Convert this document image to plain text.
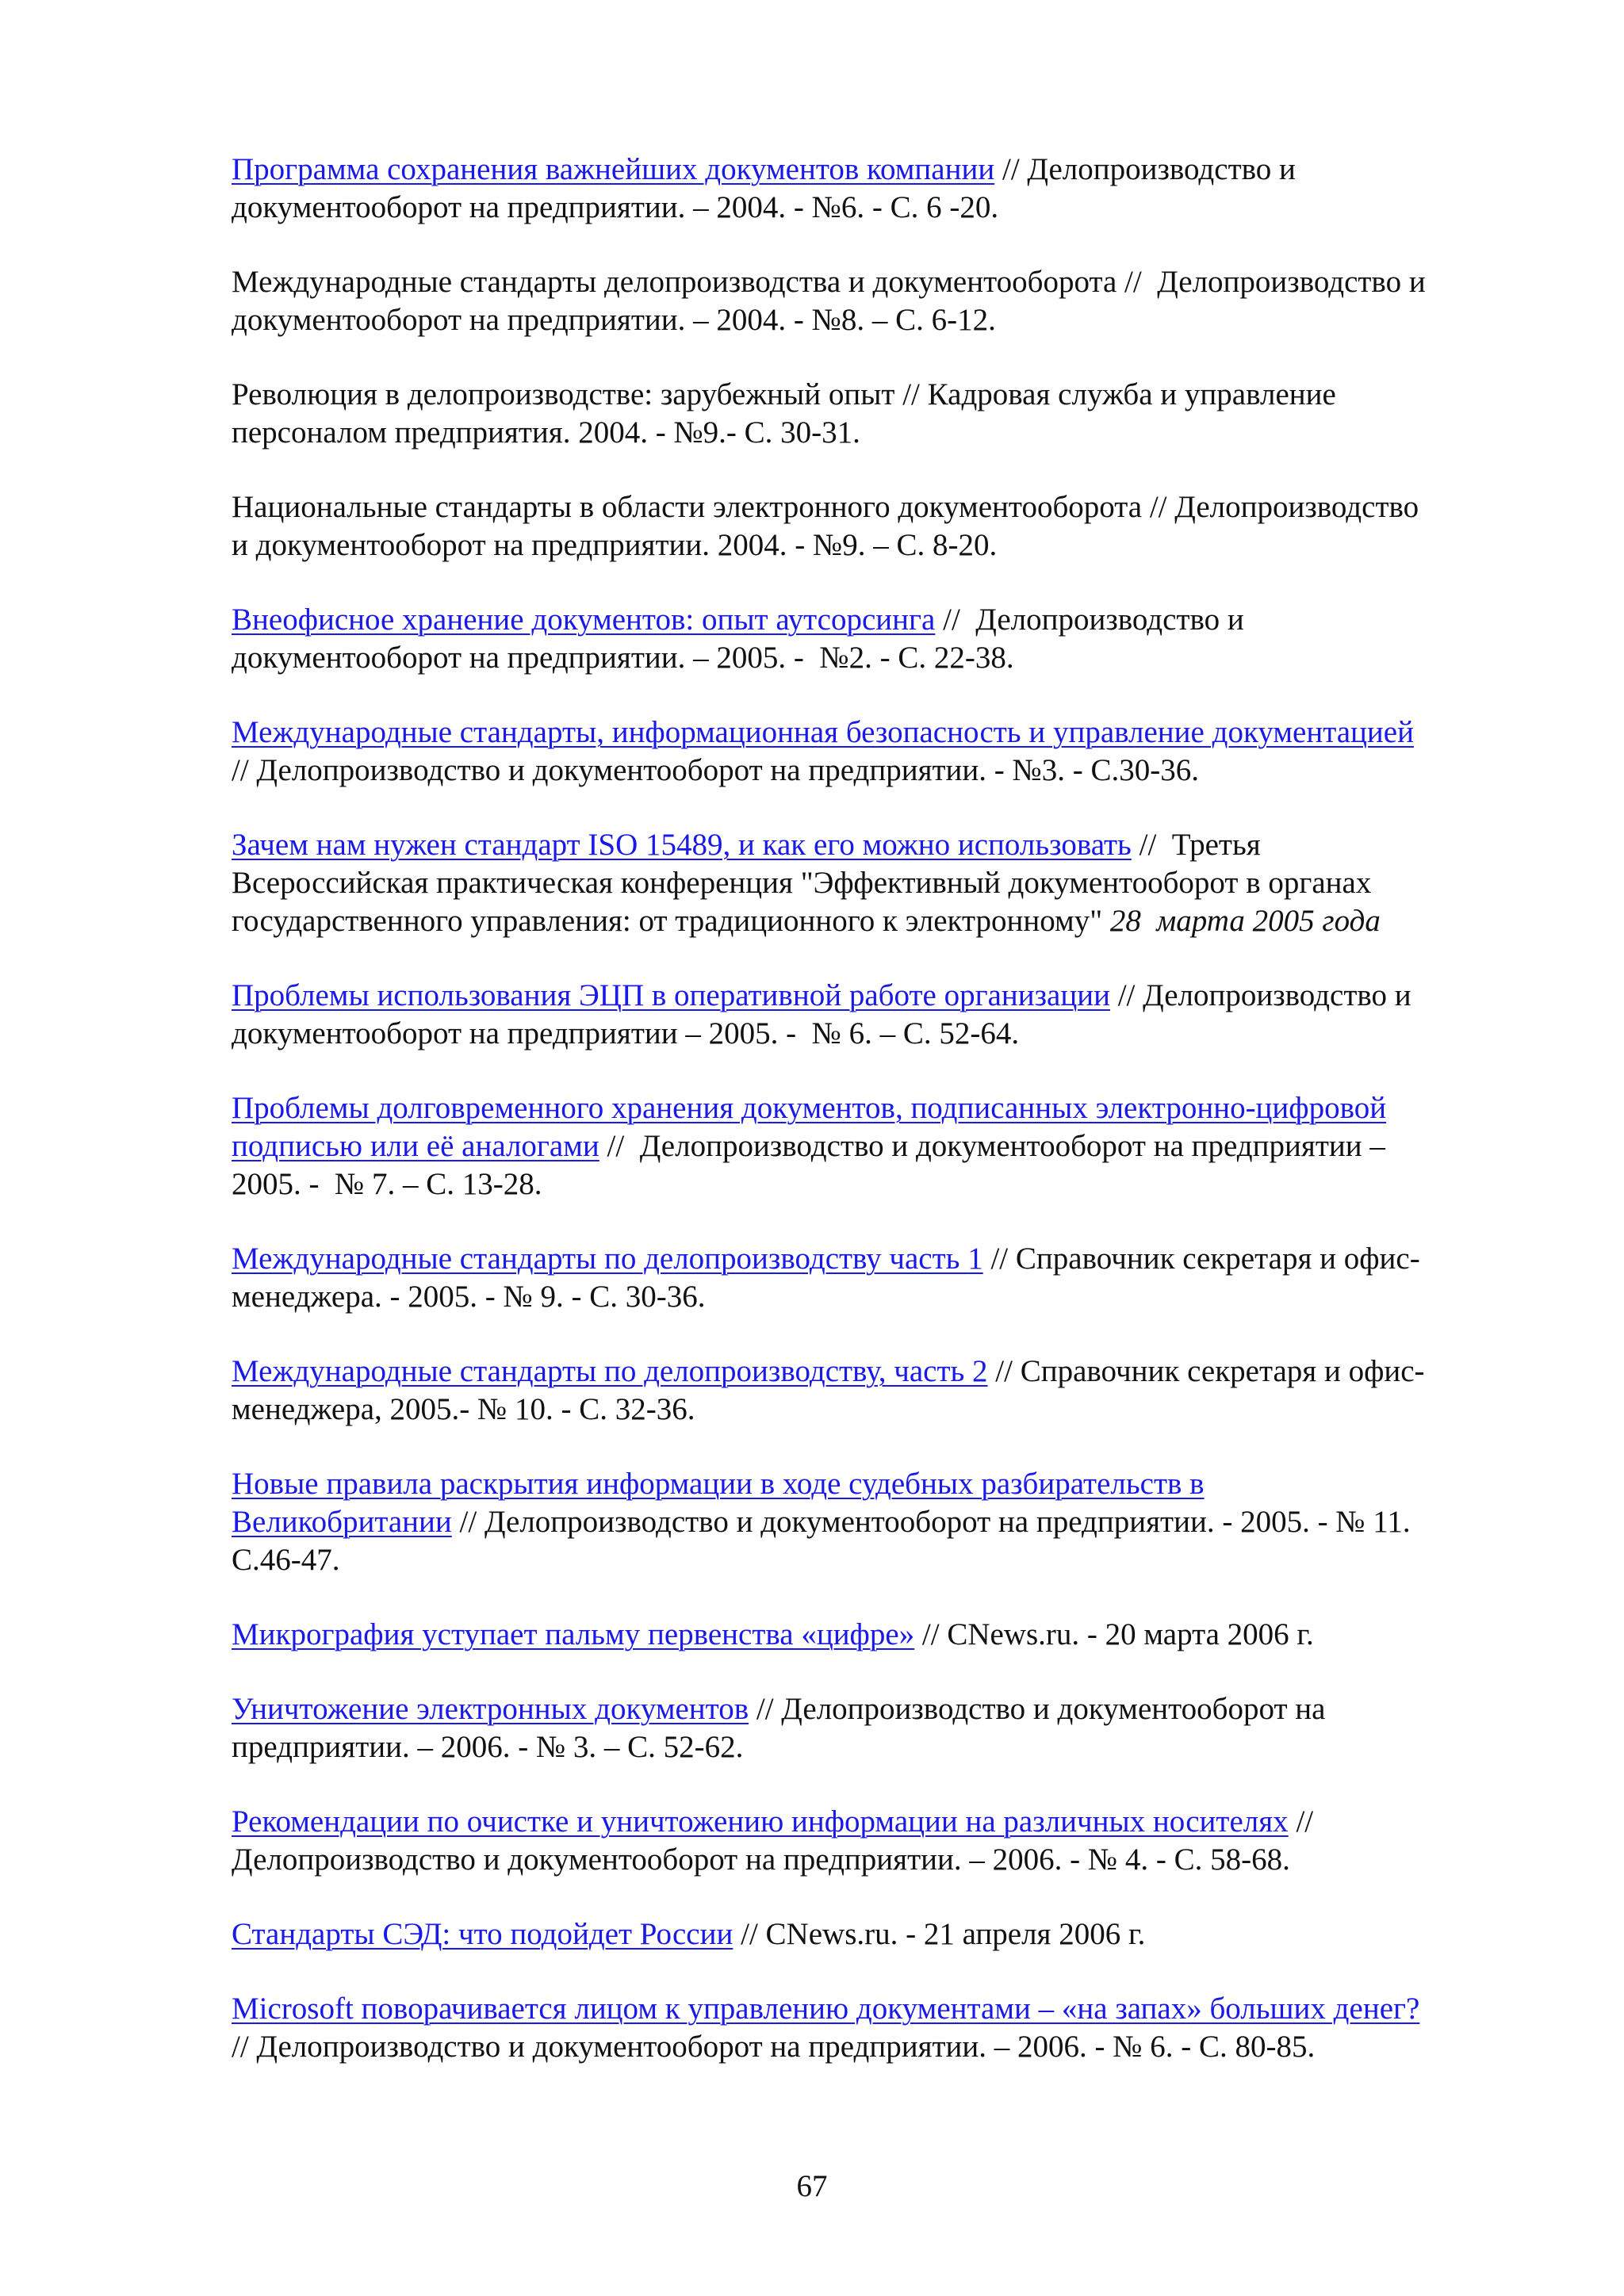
Программа сохранения важнейших документов компании // Делопроизводство и
документооборот на предприятии. – 2004. - №6. - С. 6 -20.
Международные стандарты делопроизводства и документооборота //  Делопроизводство и
документооборот на предприятии. – 2004. - №8. – С. 6-12.
Революция в делопроизводстве: зарубежный опыт // Кадровая служба и управление
персоналом предприятия. 2004. - №9.- С. 30-31.
Национальные стандарты в области электронного документооборота // Делопроизводство
и документооборот на предприятии. 2004. - №9. – С. 8-20.
Внеофисное хранение документов: опыт аутсорсинга //  Делопроизводство и
документооборот на предприятии. – 2005. -  №2. - С. 22-38.
Международные стандарты, информационная безопасность и управление документацией
// Делопроизводство и документооборот на предприятии. - №3. - С.30-36.
Зачем нам нужен стандарт ISO 15489, и как его можно использовать //  Третья
Всероссийская практическая конференция "Эффективный документооборот в органах
государственного управления: от традиционного к электронному" 28  марта 2005 года
Проблемы использования ЭЦП в оперативной работе организации // Делопроизводство и
документооборот на предприятии – 2005. -  № 6. – С. 52-64.
Проблемы долговременного хранения документов, подписанных электронно-цифровой
подписью или её аналогами //  Делопроизводство и документооборот на предприятии –
2005. -  № 7. – С. 13-28.
Международные стандарты по делопроизводству часть 1 // Справочник секретаря и офис-
менеджера. - 2005. - № 9. - С. 30-36.
Международные стандарты по делопроизводству, часть 2 // Справочник секретаря и офис-
менеджера, 2005.- № 10. - С. 32-36.
Новые правила раскрытия информации в ходе судебных разбирательств в
Великобритании // Делопроизводство и документооборот на предприятии. - 2005. - № 11.
С.46-47.
Микрография уступает пальму первенства «цифре» // CNews.ru. - 20 марта 2006 г.
Уничтожение электронных документов // Делопроизводство и документооборот на
предприятии. – 2006. - № 3. – С. 52-62.
Рекомендации по очистке и уничтожению информации на различных носителях //
Делопроизводство и документооборот на предприятии. – 2006. - № 4. - С. 58-68.
Стандарты СЭД: что подойдет России // CNews.ru. - 21 апреля 2006 г.
Microsoft поворачивается лицом к управлению документами – «на запах» больших денег?
// Делопроизводство и документооборот на предприятии. – 2006. - № 6. - С. 80-85.
67
